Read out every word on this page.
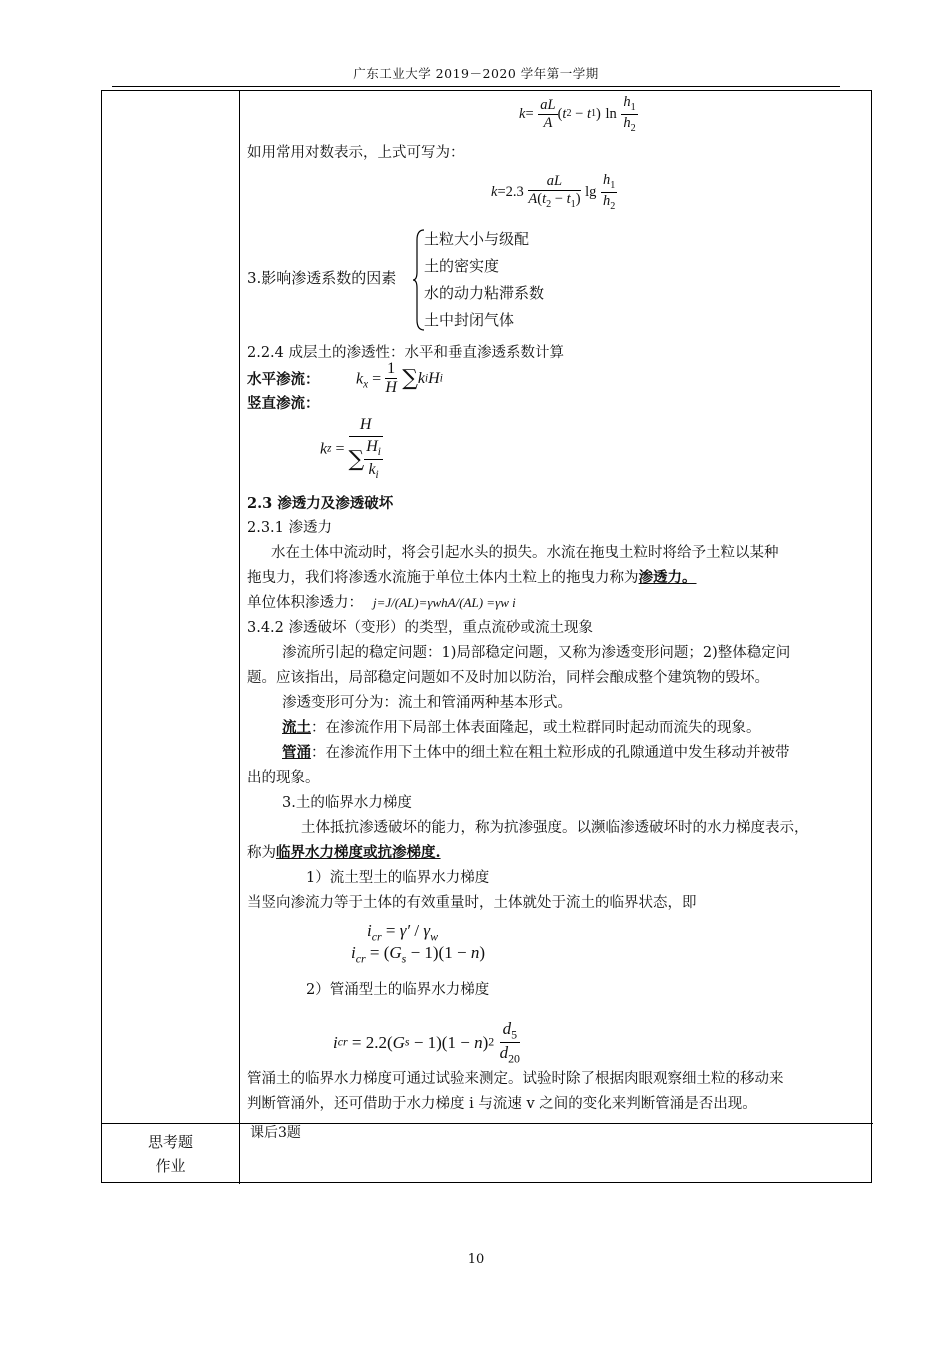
广东工业大学 2019－2020 学年第一学期
思考题
作业
课后3题
$k= \frac{aL}{A} (t2 - t1)$ $\ln \frac{h_1}{h_2}$
如用常用对数表示，上式可写为：
$k=2.3 \frac{aL}{A(t_2 - t_1)}$ $\lg \frac{h_1}{h_2}$
3.影响渗透系数的因素
土粒大小与级配
土的密实度
水的动力粘滞系数
土中封闭气体
2.2.4 成层土的渗透性：水平和垂直渗透系数计算
水平渗流： $k_x = \frac{1}{H}$ ∑kiHi
竖直渗流：
kz = $\frac{H}{\sum \frac{H_i}{k_i}}$
2.3 渗透力及渗透破坏
2.3.1 渗透力
水在土体中流动时，将会引起水头的损失。水流在拖曳土粒时将给予土粒以某种
拖曳力，我们将渗透水流施于单位土体内土粒上的拖曳力称为渗透力。
单位体积渗透力： j=J/(AL)=γwhA/(AL) =γw i
3.4.2 渗透破坏（变形）的类型，重点流砂或流土现象
渗流所引起的稳定问题：1)局部稳定问题，又称为渗透变形问题；2)整体稳定问
题。应该指出，局部稳定问题如不及时加以防治，同样会酿成整个建筑物的毁坏。
渗透变形可分为：流土和管涌两种基本形式。
流土：在渗流作用下局部土体表面隆起，或土粒群同时起动而流失的现象。
管涌：在渗流作用下土体中的细土粒在粗土粒形成的孔隙通道中发生移动并被带
出的现象。
3.土的临界水力梯度
土体抵抗渗透破坏的能力，称为抗渗强度。以濒临渗透破坏时的水力梯度表示，
称为临界水力梯度或抗渗梯度.
1）流土型土的临界水力梯度
当竖向渗流力等于土体的有效重量时，土体就处于流土的临界状态，即
$i_{cr} = \gamma' / \gamma_w$
$i_{cr} = (G_s - 1)(1 - n)$
2）管涌型土的临界水力梯度
icr = $2.2(Gs - 1)(1 - n)2 \frac{d_5}{d_{20}}$
管涌土的临界水力梯度可通过试验来测定。试验时除了根据肉眼观察细土粒的移动来
判断管涌外，还可借助于水力梯度 i 与流速 v 之间的变化来判断管涌是否出现。
10
